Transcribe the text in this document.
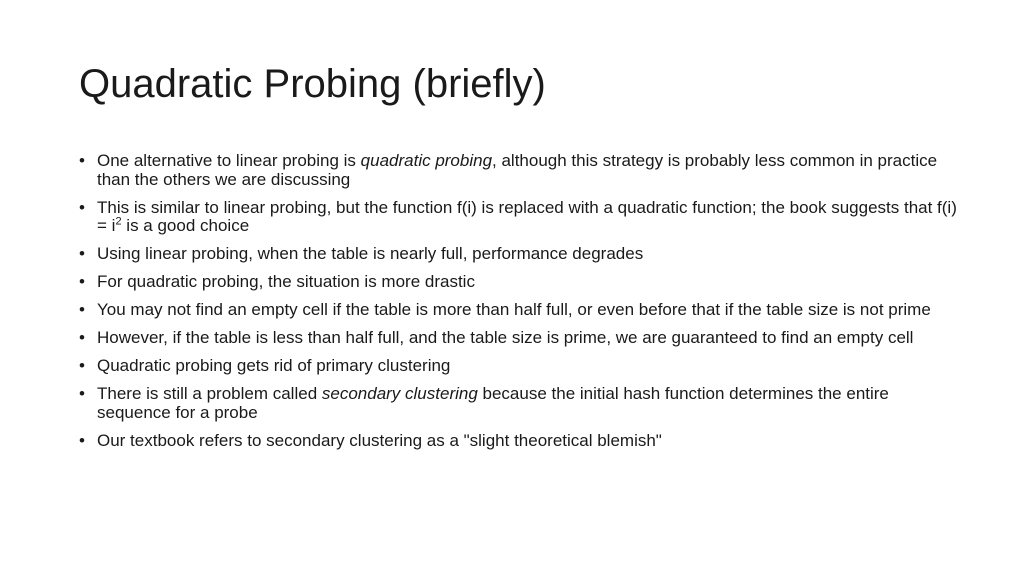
Quadratic Probing (briefly)
• One alternative to linear probing is quadratic probing, although this strategy is probably less common in practice than the others we are discussing
• This is similar to linear probing, but the function f(i) is replaced with a quadratic function; the book suggests that $f(i) = i^2$ is a good choice
• Using linear probing, when the table is nearly full, performance degrades
• For quadratic probing, the situation is more drastic
• You may not find an empty cell if the table is more than half full, or even before that if the table size is not prime
• However, if the table is less than half full, and the table size is prime, we are guaranteed to find an empty cell
• Quadratic probing gets rid of primary clustering
• There is still a problem called secondary clustering because the initial hash function determines the entire sequence for a probe
• Our textbook refers to secondary clustering as a "slight theoretical blemish"
